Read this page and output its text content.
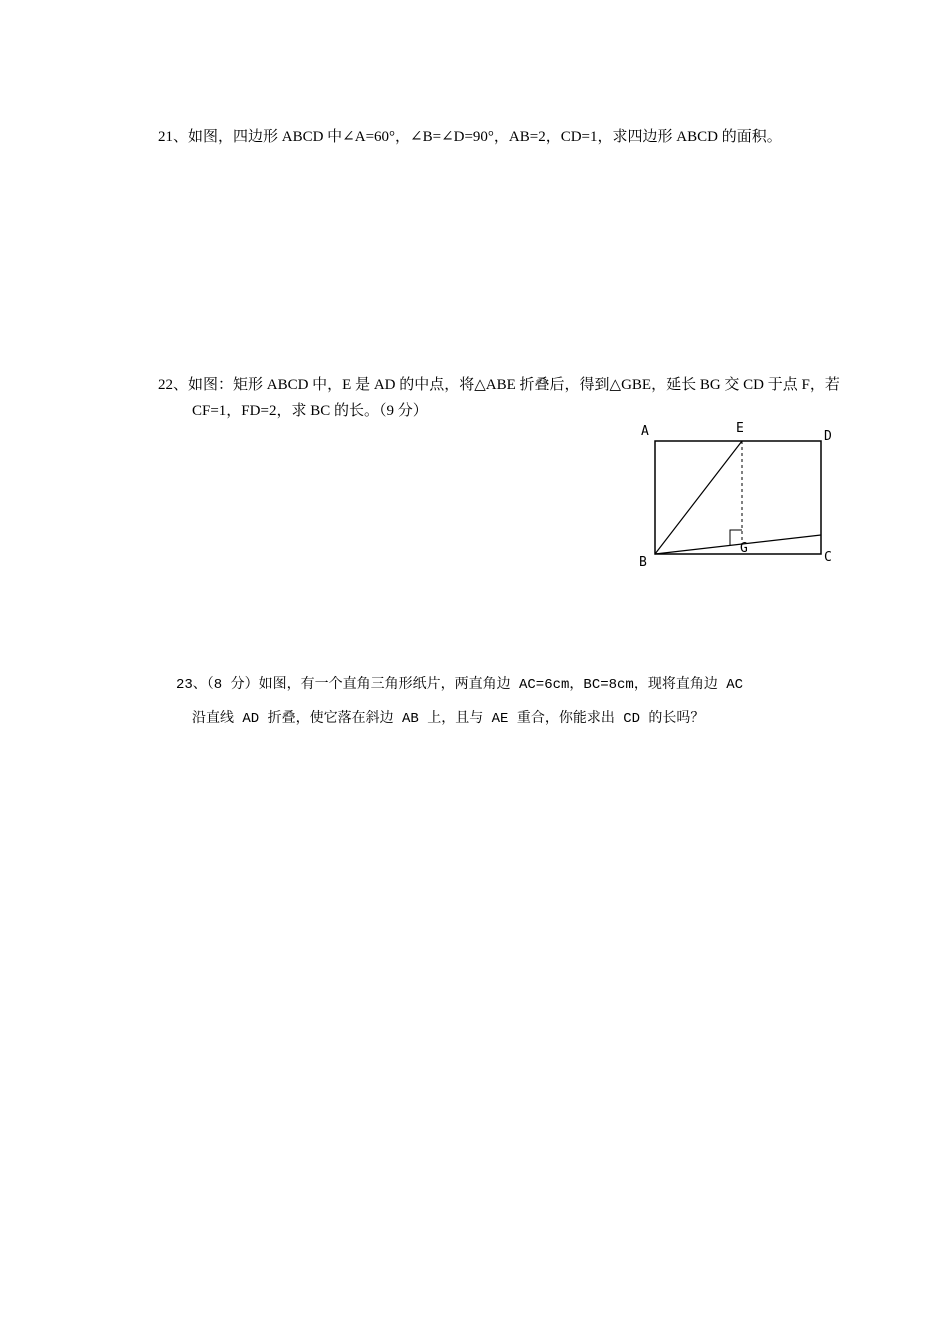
21、如图，四边形 ABCD 中∠A=60°，∠B=∠D=90°，AB=2，CD=1，求四边形 ABCD 的面积。
22、如图：矩形 ABCD 中，E 是 AD 的中点，将△ABE 折叠后，得到△GBE，延长 BG 交 CD 于点 F，若
CF=1，FD=2，求 BC 的长。（9 分）
A	E
D
B
G
C
23、（8 分）如图，有一个直角三角形纸片，两直角边 AC=6cm，BC=8cm，现将直角边 AC
沿直线 AD 折叠，使它落在斜边 AB 上，且与 AE 重合，你能求出 CD 的长吗？
